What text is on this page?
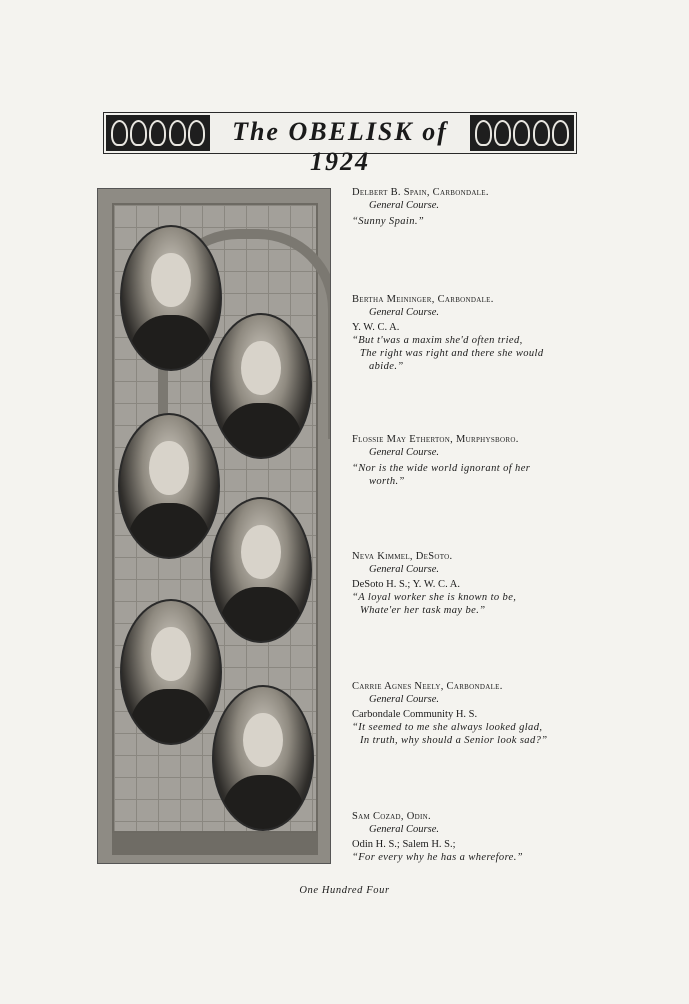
The OBELISK of 1924
Delbert B. Spain, Carbondale.
General Course.
“Sunny Spain.”
Bertha Meininger, Carbondale.
General Course.
Y. W. C. A.
“But t'was a maxim she'd often tried,
The right was right and there she would
abide.”
Flossie May Etherton, Murphysboro.
General Course.
“Nor is the wide world ignorant of her
worth.”
Neva Kimmel, DeSoto.
General Course.
DeSoto H. S.; Y. W. C. A.
“A loyal worker she is known to be,
Whate'er her task may be.”
Carrie Agnes Neely, Carbondale.
General Course.
Carbondale Community H. S.
“It seemed to me she always looked glad,
In truth, why should a Senior look sad?”
Sam Cozad, Odin.
General Course.
Odin H. S.; Salem H. S.;
“For every why he has a wherefore.”
One Hundred Four
